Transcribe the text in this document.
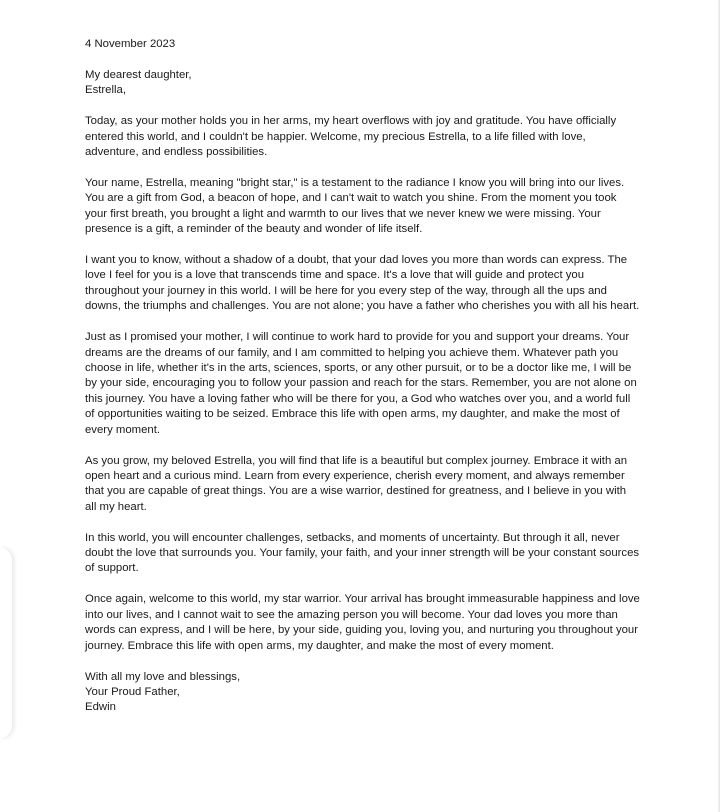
4 November 2023

My dearest daughter,

Estrella,

Today, as your mother holds you in her arms, my heart overflows with joy and gratitude. You have officially entered this world, and I couldn't be happier. Welcome, my precious Estrella, to a life filled with love, adventure, and endless possibilities.

Your name, Estrella, meaning "bright star," is a testament to the radiance I know you will bring into our lives. You are a gift from God, a beacon of hope, and I can't wait to watch you shine. From the moment you took your first breath, you brought a light and warmth to our lives that we never knew we were missing. Your presence is a gift, a reminder of the beauty and wonder of life itself.

I want you to know, without a shadow of a doubt, that your dad loves you more than words can express. The love I feel for you is a love that transcends time and space. It's a love that will guide and protect you throughout your journey in this world. I will be here for you every step of the way, through all the ups and downs, the triumphs and challenges. You are not alone; you have a father who cherishes you with all his heart.

Just as I promised your mother, I will continue to work hard to provide for you and support your dreams. Your dreams are the dreams of our family, and I am committed to helping you achieve them. Whatever path you choose in life, whether it's in the arts, sciences, sports, or any other pursuit, or to be a doctor like me, I will be by your side, encouraging you to follow your passion and reach for the stars. Remember, you are not alone on this journey. You have a loving father who will be there for you, a God who watches over you, and a world full of opportunities waiting to be seized. Embrace this life with open arms, my daughter, and make the most of every moment.

As you grow, my beloved Estrella, you will find that life is a beautiful but complex journey. Embrace it with an open heart and a curious mind. Learn from every experience, cherish every moment, and always remember that you are capable of great things. You are a wise warrior, destined for greatness, and I believe in you with all my heart.

In this world, you will encounter challenges, setbacks, and moments of uncertainty. But through it all, never doubt the love that surrounds you. Your family, your faith, and your inner strength will be your constant sources of support.

Once again, welcome to this world, my star warrior. Your arrival has brought immeasurable happiness and love into our lives, and I cannot wait to see the amazing person you will become. Your dad loves you more than words can express, and I will be here, by your side, guiding you, loving you, and nurturing you throughout your journey. Embrace this life with open arms, my daughter, and make the most of every moment.

With all my love and blessings,

Your Proud Father,

Edwin
